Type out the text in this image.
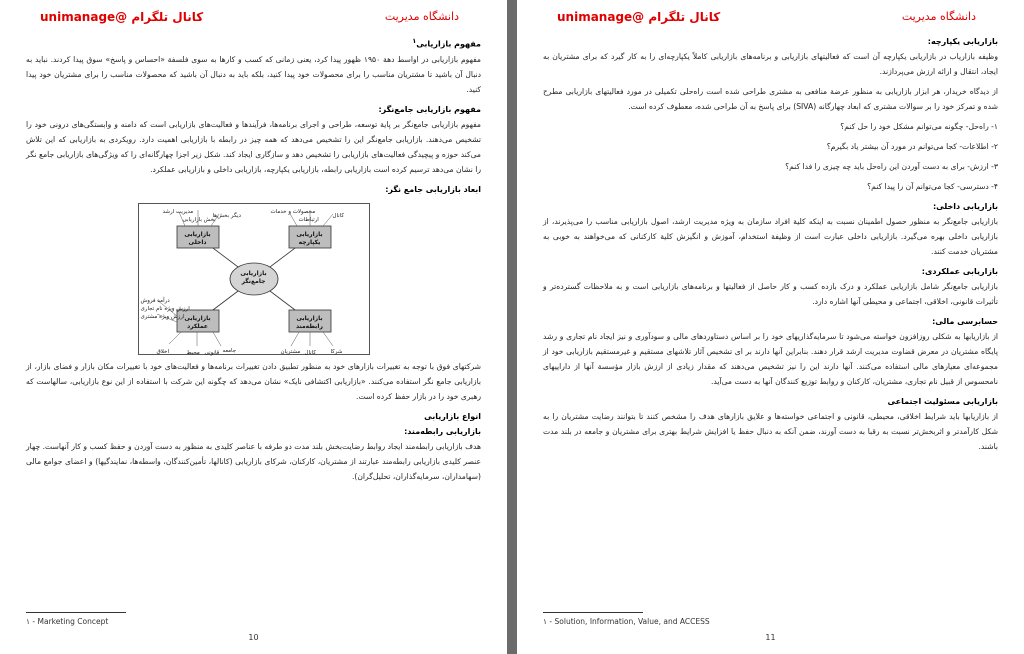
کانال تلگرام @unimanage	دانشگاه مدیریت
مفهوم بازاریابی$^١$

مفهوم بازاریابی در اواسط دهة ۱۹۵۰ ظهور پیدا کرد، یعنی زمانی که کسب و کارها به سوی فلسفة «احساس و پاسخ» سوق پیدا کردند. نباید به دنبال آن باشید تا مشتریان مناسب را برای محصولات خود پیدا کنید، بلکه باید به دنبال آن باشید که محصولات مناسب را برای مشتریان خود پیدا کنید.

مفهوم بازاریابی جامع‌نگر:

مفهوم بازاریابی جامع‌نگر بر پایة توسعه، طراحی و اجرای برنامه‌ها، فرآیندها و فعالیت‌های بازاریابی است که دامنه و وابستگی‌های درونی خود را تشخیص می‌دهند. بازاریابی جامع‌نگر این را تشخیص می‌دهد که همه چیز در رابطه با بازاریابی اهمیت دارد. رویکردی به بازاریابی که این تلاش می‌کند حوزه و پیچیدگی فعالیت‌های بازاریابی را تشخیص دهد و سازگاری ایجاد کند. شکل زیر اجزا چهارگانه‌ای را که ویژگی‌های بازاریابی جامع نگر را نشان می‌دهد ترسیم کرده است بازاریابی رابطه، بازاریابی یکپارچه، بازاریابی داخلی و بازاریابی عملکرد.

ابعاد بازاریابی جامع نگر:
بازاریابی جامع‌نگر
بازاریابی داخلی
بازاریابی یکپارچه
بازاریابی عملکرد
بازاریابی رابطه‌مند
مدیریت ارشد
بخش بازاریابی
دیگر بخش‌ها
محصولات و خدمات
ارتباطات
کانال
درآمد فروش
ارزش ویژه نام تجاری
ارزش ویژه مشتری
اخلاق	محیط قانونی جامعه	مشتریان کانال	شرکا

شرکتهای فوق با توجه به تغییرات بازارهای خود به منظور تطبیق دادن تغییرات برنامه‌ها و فعالیت‌های خود با تغییرات مکان بازار و فضای بازار، از بازاریابی جامع نگر استفاده می‌کنند. «بازاریابی اکتشافی نایک» نشان می‌دهد که چگونه این شرکت با استفاده از این نوع بازاریابی، سالهاست که رهبری خود را در بازار حفظ کرده است.

انواع بازاریابی
بازاریابی رابطه‌مند:

هدف بازاریابی رابطه‌مند ایجاد روابط رضایت‌بخش بلند مدت دو طرفه با عناصر کلیدی به منظور به دست آوردن و حفظ کسب و کار آنهاست. چهار عنصر کلیدی بازاریابی رابطه‌مند عبارتند از مشتریان، کارکنان، شرکای بازاریابی (کانالها، تأمین‌کنندگان، واسطه‌ها، نمایندگیها) و اعضای جوامع مالی (سهامداران، سرمایه‌گذاران، تحلیل‌گران).

١ - Marketing Concept
10
کانال تلگرام @unimanage	دانشگاه مدیریت
بازاریابی یکپارچه:

وظیفه بازاریاب در بازاریابی یکپارچه آن است که فعالیتهای بازاریابی و برنامه‌های بازاریابی کاملاً یکپارچه‌ای را به کار گیرد که برای مشتریان به ایجاد، انتقال و ارائه ارزش می‌پردازند.

از دیدگاه خریدار، هر ابزار بازاریابی به منظور عرضة منافعی به مشتری طراحی شده است راه‌حلی تکمیلی در مورد فعالیتهای بازاریابی مطرح شده و تمرکز خود را بر سوالات مشتری که ابعاد چهارگانه (SIVA) برای پاسخ به آن طراحی شده، معطوف کرده است.

۱- راه‌حل- چگونه می‌توانم مشکل خود را حل کنم؟

۲- اطلاعات- کجا می‌توانم در مورد آن بیشتر یاد بگیرم؟

۳- ارزش- برای به دست آوردن این راه‌حل باید چه چیزی را فدا کنم؟

۴- دسترسی- کجا می‌توانم آن را پیدا کنم؟

بازاریابی داخلی:

بازاریابی جامع‌نگر به منظور حصول اطمینان نسبت به اینکه کلیة افراد سازمان به ویژه مدیریت ارشد، اصول بازاریابی مناسب را می‌پذیرند، از بازاریابی داخلی بهره می‌گیرد. بازاریابی داخلی عبارت است از وظیفة استخدام، آموزش و انگیزش کلیة کارکنانی که می‌خواهند به خوبی به مشتریان خدمت کنند.

بازاریابی عملکردی:

بازاریابی جامع‌نگر شامل بازاریابی عملکرد و درک بازده کسب و کار حاصل از فعالیتها و برنامه‌های بازاریابی است و به ملاحظات گسترده‌تر و تأثیرات قانونی، اخلاقی، اجتماعی و محیطی آنها اشاره دارد.

حسابرسی مالی:

از بازاریابها به شکلی روزافزون خواسته می‌شود تا سرمایه‌گذاریهای خود را بر اساس دستاوردهای مالی و سودآوری و نیز ایجاد نام تجاری و رشد پایگاه مشتریان در معرض قضاوت مدیریت ارشد قرار دهند. بنابراین آنها دارند بر ای تشخیص آثار تلاشهای مستقیم و غیرمستقیم بازاریابی خود از مجموعه‌ای معیارهای مالی استفاده می‌کنند. آنها دارند این را نیز تشخیص می‌دهند که مقدار زیادی از ارزش بازار مؤسسة آنها از داراییهای نامحسوس از قبیل نام تجاری، مشتریان، کارکنان و روابط توزیع کنندگان آنها به دست می‌آید.

بازاریابی مسئولیت اجتماعی

از بازاریابها باید شرایط اخلاقی، محیطی، قانونی و اجتماعی خواسته‌ها و علایق بازارهای هدف را مشخص کنند تا بتوانند رضایت مشتریان را به شکل کارآمدتر و اثربخش‌تر نسبت به رقبا به دست آورند، ضمن آنکه به دنبال حفظ یا افزایش شرایط بهتری برای مشتریان و جامعه در بلند مدت باشند.

١ - Solution, Information, Value, and ACCESS
11
